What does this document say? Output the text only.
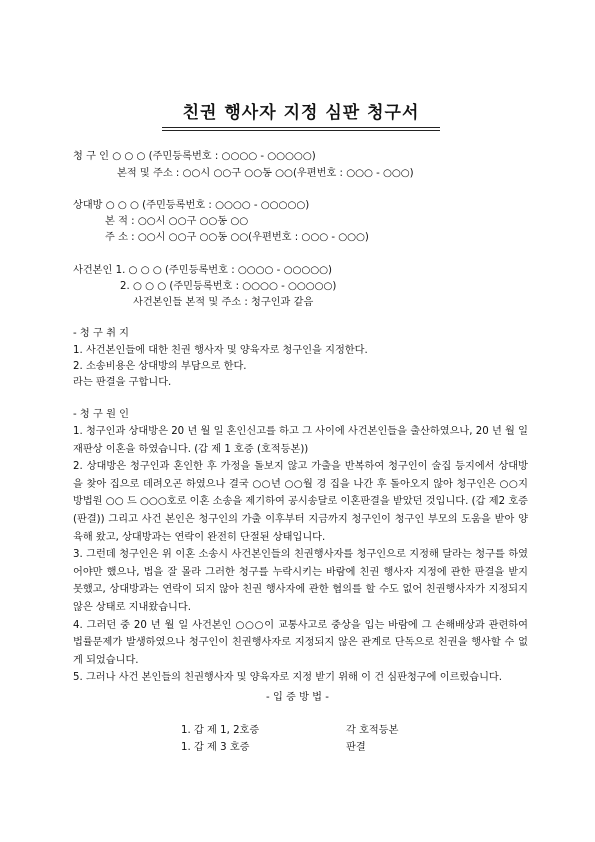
친권 행사자 지정 심판 청구서
청 구 인 ○ ○ ○ (주민등록번호 : ○○○○ - ○○○○○)
본적 및 주소 : ○○시 ○○구 ○○동 ○○(우편번호 : ○○○ - ○○○)
상대방 ○ ○ ○ (주민등록번호 : ○○○○ - ○○○○○)
본 적 : ○○시 ○○구 ○○동 ○○
주 소 : ○○시 ○○구 ○○동 ○○(우편번호 : ○○○ - ○○○)
사건본인 1. ○ ○ ○ (주민등록번호 : ○○○○ - ○○○○○)
2. ○ ○ ○ (주민등록번호 : ○○○○ - ○○○○○)
사건본인들 본적 및 주소 : 청구인과 같음
- 청 구 취 지
1. 사건본인들에 대한 친권 행사자 및 양육자로 청구인을 지정한다.
2. 소송비용은 상대방의 부담으로 한다.
라는 판결을 구합니다.
- 청 구 원 인

1. 청구인과 상대방은 20 년 월 일 혼인신고를 하고 그 사이에 사건본인들을 출산하였으나, 20 년 월 일 재판상 이혼을 하였습니다. (갑 제 1 호증 (호적등본))

2. 상대방은 청구인과 혼인한 후 가정을 돌보지 않고 가출을 반복하여 청구인이 술집 등지에서 상대방을 찾아 집으로 데려오곤 하였으나 결국 ○○년 ○○월 경 집을 나간 후 돌아오지 않아 청구인은 ○○지방법원 ○○ 드 ○○○호로 이혼 소송을 제기하여 공시송달로 이혼판결을 받았던 것입니다. (갑 제2 호증 (판결)) 그리고 사건 본인은 청구인의 가출 이후부터 지금까지 청구인이 청구인 부모의 도움을 받아 양육해 왔고, 상대방과는 연락이 완전히 단절된 상태입니다.

3. 그런데 청구인은 위 이혼 소송시 사건본인들의 친권행사자를 청구인으로 지정해 달라는 청구를 하였어야만 했으나, 법을 잘 몰라 그러한 청구를 누락시키는 바람에 친권 행사자 지정에 관한 판결을 받지 못했고, 상대방과는 연락이 되지 않아 친권 행사자에 관한 협의를 할 수도 없어 친권행사자가 지정되지 않은 상태로 지내왔습니다.

4. 그러던 중 20 년 월 일 사건본인 ○○○이 교통사고로 중상을 입는 바람에 그 손해배상과 관련하여 법률문제가 발생하였으나 청구인이 친권행사자로 지정되지 않은 관계로 단독으로 친권을 행사할 수 없게 되었습니다.

5. 그러나 사건 본인들의 친권행사자 및 양육자로 지정 받기 위해 이 건 심판청구에 이르렀습니다.

- 입 증 방 법 -
1. 갑 제 1, 2호증	각 호적등본
1. 갑 제 3 호증	판결
